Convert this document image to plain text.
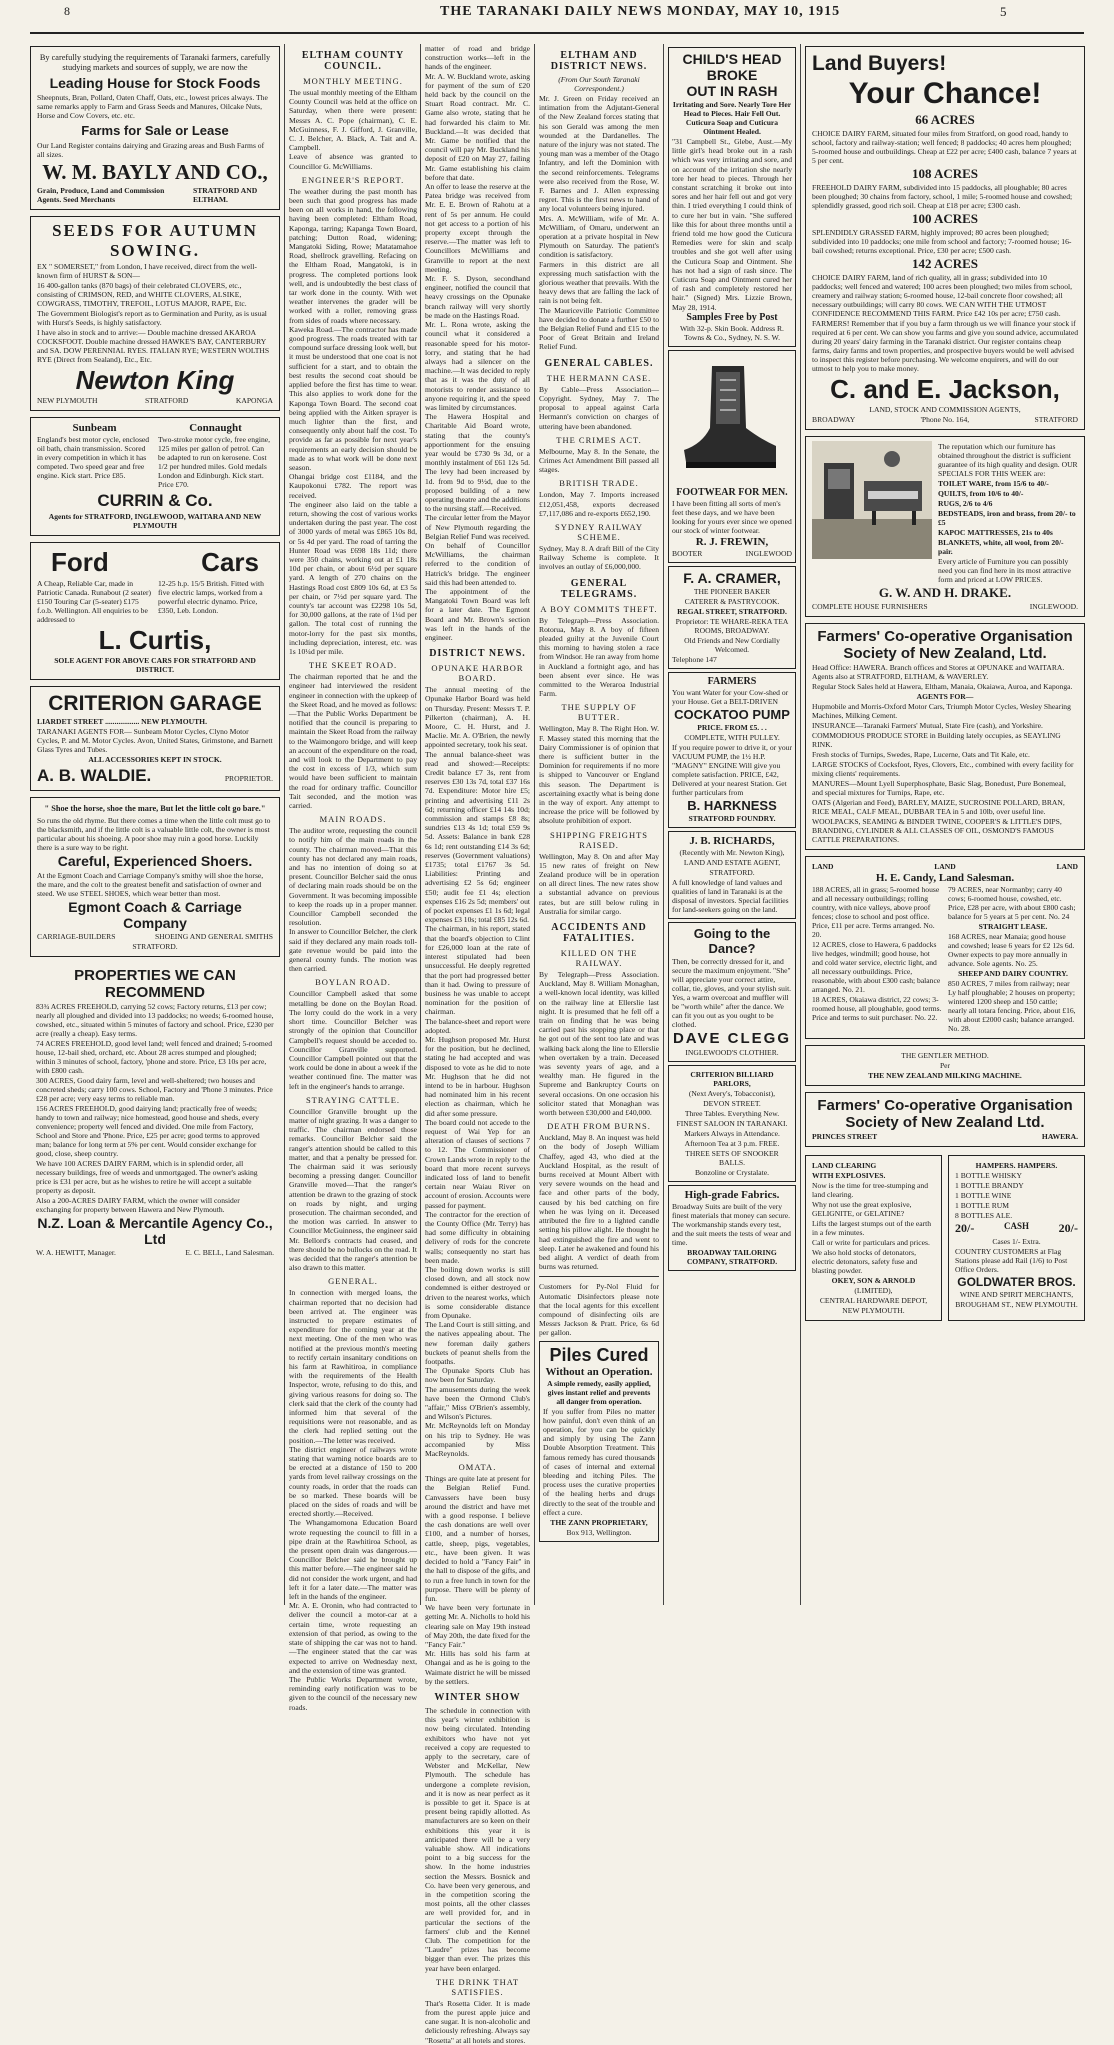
8	THE TARANAKI DAILY NEWS MONDAY, MAY 10, 1915	5

By carefully studying the requirements of Taranaki farmers, carefully studying markets and sources of supply, we are now the

Leading House for Stock Foods

Sheepnuts, Bran, Pollard, Oaten Chaff, Oats, etc., lowest prices always. The same remarks apply to Farm and Grass Seeds and Manures, Oilcake Nuts, Horse and Cow Covers, etc. etc.

Farms for Sale or Lease

Our Land Register contains dairying and Grazing areas and Bush Farms of all sizes.

W. M. BAYLY AND CO.,

Grain, Produce, Land and Commission Agents. Seed Merchants

STRATFORD AND ELTHAM.

SEEDS FOR AUTUMN SOWING.

EX " SOMERSET," from London, I have received, direct from the well-known firm of HURST & SON—

16 400-gallon tanks (870 bags) of their celebrated CLOVERS, etc., consisting of CRIMSON, RED, and WHITE CLOVERS, ALSIKE, COWGRASS, TIMOTHY, TREFOIL, LOTUS MAJOR, RAPE, Etc.

The Government Biologist's report as to Germination and Purity, as is usual with Hurst's Seeds, is highly satisfactory.

I have also in stock and to arrive:— Double machine dressed AKAROA COCKSFOOT. Double machine dressed HAWKE'S BAY, CANTERBURY and SA. DOW PERENNIAL RYES. ITALIAN RYE; WESTERN WOLTHS RYE (Direct from Sealand), Etc., Etc.

Newton King
NEW PLYMOUTH	STRATFORD	KAPONGA
Sunbeam

England's best motor cycle, enclosed oil bath, chain transmission. Scored in every competition in which it has competed. Two speed gear and free engine. Kick start. Price £85.

Connaught

Two-stroke motor cycle, free engine, 125 miles per gallon of petrol. Can be adapted to run on kerosene. Cost 1/2 per hundred miles. Gold medals London and Edinburgh. Kick start. Price £70.

CURRIN & Co.

Agents for STRATFORD, INGLEWOOD, WAITARA AND NEW PLYMOUTH

Ford	Cars

A Cheap, Reliable Car, made in Patriotic Canada. Runabout (2 seater) £150 Touring Car (5-seater) £175 f.o.b. Wellington. All enquiries to be addressed to

12-25 h.p. 15/5 British. Fitted with five electric lamps, worked from a powerful electric dynamo. Price, £350, Leb. London.

L. Curtis,

SOLE AGENT FOR ABOVE CARS FOR STRATFORD AND DISTRICT.

CRITERION GARAGE

LIARDET STREET .................. NEW PLYMOUTH.

TARANAKI AGENTS FOR— Sunbeam Motor Cycles, Clyno Motor Cycles, P. and M. Motor Cycles. Avon, United States, Grimstone, and Barnett Glass Tyres and Tubes.

ALL ACCESSORIES KEPT IN STOCK.

A. B. WALDIE.	PROPRIETOR.

" Shoe the horse, shoe the mare, But let the little colt go bare."

So runs the old rhyme. But there comes a time when the little colt must go to the blacksmith, and if the little colt is a valuable little colt, the owner is most particular about his shoeing. A poor shoe may ruin a good horse. Luckily there is a sure way to be right.

Careful, Experienced Shoers.

At the Egmont Coach and Carriage Company's smithy will shoe the horse, the mare, and the colt to the greatest benefit and satisfaction of owner and steed. We use STEEL SHOES, which wear better than most.

Egmont Coach & Carriage Company
CARRIAGE-BUILDERS	SHOEING AND GENERAL SMITHS

STRATFORD.

PROPERTIES WE CAN RECOMMEND

83¾ ACRES FREEHOLD, carrying 52 cows; Factory returns, £13 per cow; nearly all ploughed and divided into 13 paddocks; no weeds; 6-roomed house, cowshed, etc., situated within 5 minutes of factory and school. Price, £230 per acre (really a cheap). Easy terms.

74 ACRES FREEHOLD, good level land; well fenced and drained; 5-roomed house, 12-bail shed, orchard, etc. About 28 acres stumped and ploughed; within 3 minutes of school, factory, 'phone and store. Price, £3 10s per acre, with £800 cash.

300 ACRES, Good dairy farm, level and well-sheltered; two houses and concreted sheds; carry 100 cows. School, Factory and 'Phone 3 minutes. Price £28 per acre; very easy terms to reliable man.

156 ACRES FREEHOLD, good dairying land; practically free of weeds; handy to town and railway; nice homestead, good house and sheds, every convenience; property well fenced and divided. One mile from Factory, School and Store and 'Phone. Price, £25 per acre; good terms to approved man; balance for long term at 5% per cent. Would consider exchange for good, close, sheep country.

We have 100 ACRES DAIRY FARM, which is in splendid order, all necessary buildings, free of weeds and unmortgaged. The owner's asking price is £31 per acre, but as he wishes to retire he will accept a suitable property as deposit.

Also a 200-ACRES DAIRY FARM, which the owner will consider exchanging for property between Hawera and New Plymouth.

N.Z. Loan & Mercantile Agency Co., Ltd
W. A. HEWITT, Manager.	E. C. BELL, Land Salesman.
ELTHAM COUNTY COUNCIL.
MONTHLY MEETING.

The usual monthly meeting of the Eltham County Council was held at the office on Saturday, when there were present: Messrs A. C. Pope (chairman), C. E. McGuinness, F. J. Gifford, J. Granville, C. J. Belcher, A. Black, A. Tait and A. Campbell.

Leave of absence was granted to Councillor G. McWilliams.

ENGINEER'S REPORT.

The weather during the past month has been such that good progress has made been on all works in hand, the following having been completed: Eltham Road, Kaponga, tarring; Kapanga Town Board, patching; Dutton Road, widening; Mangatoki Siding, Rowe; Matatamahoe Road, shellrock gravelling. Refacing on the Eltham Road, Mangatoki, is in progress. The completed portions look well, and is undoubtedly the best class of tar work done in the county. With wet weather intervenes the grader will be worked with a roller, removing grass from sides of roads where necessary.

Kaweka Road.—The contractor has made good progress. The roads treated with tar compound surface dressing look well, but it must be understood that one coat is not sufficient for a start, and to obtain the best results the second coat should be applied before the first has time to wear. This also applies to work done for the Kaponga Town Board. The second coat being applied with the Aitken sprayer is much lighter than the first, and consequently only about half the cost. To provide as far as possible for next year's requirements an early decision should be made as to what work will be done next season.

Ohangai bridge cost £1184, and the Kaupokonui £782. The report was received.

The engineer also laid on the table a return, showing the cost of various works undertaken during the past year. The cost of 3000 yards of metal was £865 10s 8d, or 5s 4d per yard. The road of tarring the Hunter Road was £698 18s 11d; there were 350 chains, working out at £1 18s 10d per chain, or about 6½d per square yard. A length of 270 chains on the Hastings Road cost £809 10s 6d, at £3 5s per chain, or 7½d per square yard. The county's tar account was £2298 10s 5d, for 30,000 gallons, at the rate of 1¼d per gallon. The total cost of running the motor-lorry for the past six months, including depreciation, interest, etc. was 1s 10¼d per mile.

THE SKEET ROAD.

The chairman reported that he and the engineer had interviewed the resident engineer in connection with the upkeep of the Skeet Road, and he moved as follows:—That the Public Works Department be notified that the council is preparing to maintain the Skeet Road from the railway to the Waimongoro bridge, and will keep an account of the expenditure on the road, and will look to the Department to pay the cost in excess of 1/3, which sum would have been sufficient to maintain the road for ordinary traffic. Councillor Tait seconded, and the motion was carried.

MAIN ROADS.

The auditor wrote, requesting the council to notify him of the main roads in the county. The chairman moved—That this county has not declared any main roads, and has no intention of doing so at present. Councillor Belcher said the onus of declaring main roads should be on the Government. It was becoming impossible to keep the roads up in a proper manner. Councillor Campbell seconded the resolution.

In answer to Councillor Belcher, the clerk said if they declared any main roads toll-gate revenue would be paid into the general county funds. The motion was then carried.

BOYLAN ROAD.

Councillor Campbell asked that some metalling be done on the Boylan Road. The lorry could do the work in a very short time. Councillor Belcher was strongly of the opinion that Councillor Campbell's request should be acceded to. Councillor Granville supported. Councillor Campbell pointed out that the work could be done in about a week if the weather continued fine. The matter was left in the engineer's hands to arrange.

STRAYING CATTLE.

Councillor Granville brought up the matter of night grazing. It was a danger to traffic. The chairman endorsed those remarks. Councillor Belcher said the ranger's attention should be called to this matter, and that a penalty be pressed for. The chairman said it was seriously becoming a pressing danger. Councillor Granville moved—That the ranger's attention be drawn to the grazing of stock on roads by night, and urging prosecution. The chairman seconded, and the motion was carried. In answer to Councillor McGuinness, the engineer said Mr. Bellord's contracts had ceased, and there should be no bullocks on the road. It was decided that the ranger's attention be also drawn to this matter.

GENERAL.

In connection with merged loans, the chairman reported that no decision had been arrived at. The engineer was instructed to prepare estimates of expenditure for the coming year at the next meeting. One of the men who was notified at the previous month's meeting to rectify certain insanitary conditions on his farm at Rawhitiroa, in compliance with the requirements of the Health Inspector, wrote, refusing to do this, and giving various reasons for doing so. The clerk said that the clerk of the county had informed him that several of the requisitions were not reasonable, and as the clerk had replied setting out the position.—The letter was received.

The district engineer of railways wrote stating that warning notice boards are to be erected at a distance of 150 to 200 yards from level railway crossings on the county roads, in order that the roads can be so marked. These boards will be placed on the sides of roads and will be erected shortly.—Received.

The Whangamomona Education Board wrote requesting the council to fill in a pipe drain at the Rawhitiroa School, as the present open drain was dangerous.—Councillor Belcher said he brought up this matter before.—The engineer said he did not consider the work urgent, and had left it for a later date.—The matter was left in the hands of the engineer.

Mr. A. E. Oronin, who had contracted to deliver the council a motor-car at a certain time, wrote requesting an extension of that period, as owing to the state of shipping the car was not to hand.—The engineer stated that the car was expected to arrive on Wednesday next, and the extension of time was granted.

The Public Works Department wrote, reminding early notification was to be given to the council of the necessary new roads.

matter of road and bridge construction works—left in the hands of the engineer.

Mr. A. W. Buckland wrote, asking for payment of the sum of £20 held back by the council on the Stuart Road contract. Mr. C. Game also wrote, stating that he had forwarded his claim to Mr. Buckland.—It was decided that Mr. Game be notified that the council will pay Mr. Buckland his deposit of £20 on May 27, failing Mr. Game establishing his claim before that date.

An offer to lease the reserve at the Patea bridge was received from Mr. E. E. Brown of Rahotu at a rent of 5s per annum. He could not get access to a portion of his property except through the reserve.—The matter was left to Councillors McWilliams and Granville to report at the next meeting.

Mr. F. S. Dyson, secondhand engineer, notified the council that heavy crossings on the Opunake branch railway will very shortly be made on the Hastings Road.

Mr. L. Rona wrote, asking the council what it considered a reasonable speed for his motor-lorry, and stating that he had always had a silencer on the machine.—It was decided to reply that as it was the duty of all motorists to render assistance to anyone requiring it, and the speed was limited by circumstances.

The Hawera Hospital and Charitable Aid Board wrote, stating that the county's apportionment for the ensuing year would be £730 9s 3d, or a monthly instalment of £61 12s 5d. The levy had been increased by 1d. from 9d to 9½d, due to the proposed building of a new operating theatre and the additions to the nursing staff.—Received.

The circular letter from the Mayor of New Plymouth regarding the Belgian Relief Fund was received.

On behalf of Councillor McWilliams, the chairman referred to the condition of Hatrick's bridge. The engineer said this had been attended to.

The appointment of the Mangatoki Town Board was left for a later date. The Egmont Board and Mr. Brown's section was left in the hands of the engineer.

DISTRICT NEWS.
OPUNAKE HARBOR BOARD.

The annual meeting of the Opunake Harbor Board was held on Thursday. Present: Messrs T. P. Pilkerton (chairman), A. H. Moore, C. H. Hurst, and J. Maclie. Mr. A. O'Brien, the newly appointed secretary, took his seat.

The annual balance-sheet was read and showed:—Receipts: Credit balance £7 3s, rent from reserves £30 13s 7d, total £37 16s 7d. Expenditure: Motor hire £5; printing and advertising £11 2s 6d; returning officer £14 14s 10d; commission and stamps £8 8s; sundries £13 4s 1d; total £59 9s 5d. Assets: Balance in bank £28 6s 1d; rent outstanding £14 3s 6d; reserves (Government valuations) £1735; total £1767 3s 5d. Liabilities: Printing and advertising £2 5s 6d; engineer £50; audit fee £1 4s; election expenses £16 2s 5d; members' out of pocket expenses £1 1s 6d; legal expenses £3 10s; total £85 12s 6d.

The chairman, in his report, stated that the board's objection to Clint for £26,000 loan at the rate of interest stipulated had been unsuccessful. He deeply regretted that the port had progressed better than it had. Owing to pressure of business he was unable to accept nomination for the position of chairman.

The balance-sheet and report were adopted.

Mr. Hughson proposed Mr. Hurst for the position, but he declined, stating he had accepted and was disposed to vote as he did to note Mr. Hughson that he did not intend to be in harbour. Hughson had nominated him in his recent election as chairman, which he did after some pressure.

The board could not accede to the request of Wai Yep for an alteration of clauses of sections 7 to 12. The Commissioner of Crown Lands wrote in reply to the board that more recent surveys indicated loss of land to benefit certain near Waiau River on account of erosion. Accounts were passed for payment.

The contractor for the erection of the County Office (Mr. Terry) has had some difficulty in obtaining delivery of rods for the concrete walls; consequently no start has been made.

The boiling down works is still closed down, and all stock now condemned is either destroyed or driven to the nearest works, which is some considerable distance from Opunake.

The Land Court is still sitting, and the natives appealing about. The new foreman daily gathers buckets of peanut shells from the footpaths.

The Opunake Sports Club has now been for Saturday.

The amusements during the week have been the Ormond Club's "affair," Miss O'Brien's assembly, and Wilson's Pictures.

Mr. McReynolds left on Monday on his trip to Sydney. He was accompanied by Miss MacReynolds.

OMATA.

Things are quite late at present for the Belgian Relief Fund. Canvassers have been busy around the district and have met with a good response. I believe the cash donations are well over £100, and a number of horses, cattle, sheep, pigs, vegetables, etc., have been given. It was decided to hold a "Fancy Fair" in the hall to dispose of the gifts, and to run a free lunch in town for the purpose. There will be plenty of fun.

We have been very fortunate in getting Mr. A. Nicholls to hold his clearing sale on May 19th instead of May 20th, the date fixed for the "Fancy Fair."

Mr. Hills has sold his farm at Ohangai and as he is going to the Waimate district he will be missed by the settlers.

WINTER SHOW

The schedule in connection with this year's winter exhibition is now being circulated. Intending exhibitors who have not yet received a copy are requested to apply to the secretary, care of Webster and McKellar, New Plymouth. The schedule has undergone a complete revision, and it is now as near perfect as it is possible to get it. Space is at present being rapidly allotted. As manufacturers are so keen on their exhibitions this year it is anticipated there will be a very valuable show. All indications point to a big success for the show. In the home industries section the Messrs. Bosnick and Co. have been very generous, and in the competition scoring the most points, all the other classes are well provided for, and in particular the sections of the farmers' club and the Kennel Club. The competition for the "Laudre" prizes has become bigger than ever. The prizes this year have been enlarged.

THE DRINK THAT SATISFIES.

That's Rosetta Cider. It is made from the purest apple juice and cane sugar. It is non-alcoholic and deliciously refreshing. Always say "Rosetta" at all hotels and stores.

ELTHAM AND DISTRICT NEWS.

(From Our South Taranaki Correspondent.)

Mr. J. Green on Friday received an intimation from the Adjutant-General of the New Zealand forces stating that his son Gerald was among the men wounded at the Dardanelles. The nature of the injury was not stated. The young man was a member of the Otago Infantry, and left the Dominion with the second reinforcements. Telegrams were also received from the Rose, W. F. Barnes and J. Allen expressing regret. This is the first news to hand of any local volunteers being injured.

Mrs. A. McWilliam, wife of Mr. A. McWilliam, of Omaru, underwent an operation at a private hospital in New Plymouth on Saturday. The patient's condition is satisfactory.

Farmers in this district are all expressing much satisfaction with the glorious weather that prevails. With the heavy dews that are falling the lack of rain is not being felt.

The Mauriceville Patriotic Committee have decided to donate a further £50 to the Belgian Relief Fund and £15 to the Poor of Great Britain and Ireland Relief Fund.

GENERAL CABLES.
THE HERMANN CASE.

By Cable—Press Association—Copyright. Sydney, May 7. The proposal to appeal against Carla Hermann's conviction on charges of uttering have been abandoned.

THE CRIMES ACT.

Melbourne, May 8. In the Senate, the Crimes Act Amendment Bill passed all stages.

BRITISH TRADE.

London, May 7. Imports increased £12,051,458, exports decreased £7,117,086 and re-exports £652,190.

SYDNEY RAILWAY SCHEME.

Sydney, May 8. A draft Bill of the City Railway Scheme is complete. It involves an outlay of £6,000,000.

GENERAL TELEGRAMS.
A BOY COMMITS THEFT.

By Telegraph—Press Association. Rotorua, May 8. A boy of fifteen pleaded guilty at the Juvenile Court this morning to having stolen a race from Windsor. He ran away from home in Auckland a fortnight ago, and has been absent ever since. He was committed to the Weraroa Industrial Farm.

THE SUPPLY OF BUTTER.

Wellington, May 8. The Right Hon. W. F. Massey stated this morning that the Dairy Commissioner is of opinion that there is sufficient butter in the Dominion for requirements if no more is shipped to Vancouver or England this season. The Department is ascertaining exactly what is being done in the way of export. Any attempt to increase the price will be followed by absolute prohibition of export.

SHIPPING FREIGHTS RAISED.

Wellington, May 8. On and after May 15 new rates of freight on New Zealand produce will be in operation on all direct lines. The new rates show a substantial advance on previous rates, but are still below ruling in Australia for similar cargo.

ACCIDENTS AND FATALITIES.
KILLED ON THE RAILWAY.

By Telegraph—Press Association. Auckland, May 8. William Monaghan, a well-known local identity, was killed on the railway line at Ellerslie last night. It is presumed that he fell off a train on finding that he was being carried past his stopping place or that he got out of the sent too late and was walking back along the line to Ellerslie when overtaken by a train. Deceased was seventy years of age, and a wealthy man. He figured in the Supreme and Bankruptcy Courts on several occasions. On one occasion his solicitor stated that Monaghan was worth between £30,000 and £40,000.

DEATH FROM BURNS.

Auckland, May 8. An inquest was held on the body of Joseph William Chaffey, aged 43, who died at the Auckland Hospital, as the result of burns received at Mount Albert with very severe wounds on the head and face and other parts of the body, caused by his bed catching on fire when he was lying on it. Deceased attributed the fire to a lighted candle setting his pillow alight. He thought he had extinguished the fire and went to sleep. Later he awakened and found his bed alight. A verdict of death from burns was returned.

Customers for Py-Nol Fluid for Automatic Disinfectors please note that the local agents for this excellent compound of disinfecting oils are Messrs Jackson & Pratt. Price, 6s 6d per gallon.

Piles Cured
Without an Operation.

A simple remedy, easily applied, gives instant relief and prevents all danger from operation.

If you suffer from Piles no matter how painful, don't even think of an operation, for you can be quickly and simply by using The Zann Double Absorption Treatment. This famous remedy has cured thousands of cases of internal and external bleeding and itching Piles. The process uses the curative properties of the healing herbs and drugs directly to the seat of the trouble and effect a cure.

THE ZANN PROPRIETARY,

Box 913, Wellington.

CHILD'S HEAD BROKE
OUT IN RASH

Irritating and Sore. Nearly Tore Her Head to Pieces. Hair Fell Out. Cuticura Soap and Cuticura Ointment Healed.

"31 Campbell St., Glebe, Aust.—My little girl's head broke out in a rash which was very irritating and sore, and on account of the irritation she nearly tore her head to pieces. Through her constant scratching it broke out into sores and her hair fell out and got very thin. I tried everything I could think of to cure her but in vain. "She suffered like this for about three months until a friend told me how good the Cuticura Remedies were for skin and scalp troubles and she got well after using the Cuticura Soap and Ointment. She has not had a sign of rash since. The Cuticura Soap and Ointment cured her of rash and completely restored her hair." (Signed) Mrs. Lizzie Brown, May 28, 1914.

Samples Free by Post

With 32-p. Skin Book. Address R. Towns & Co., Sydney, N. S. W.

FOOTWEAR FOR MEN.

I have been fitting all sorts of men's feet these days, and we have been looking for yours ever since we opened our stock of winter footwear.

R. J. FREWIN,
BOOTER	INGLEWOOD
F. A. CRAMER,

THE PIONEER BAKER

CATERER & PASTRYCOOK.

REGAL STREET, STRATFORD.

Proprietor: TE WHARE-REKA TEA ROOMS, BROADWAY.

Old Friends and New Cordially Welcomed.

Telephone 147

FARMERS

You want Water for your Cow-shed or your House. Get a BELT-DRIVEN

COCKATOO PUMP

PRICE. FROM £5. . .

COMPLETE, WITH PULLEY.

If you require power to drive it, or your VACUUM PUMP, the 1½ H.P. "MAGNY" ENGINE Will give you complete satisfaction. PRICE, £42, Delivered at your nearest Station. Get further particulars from

B. HARKNESS

STRATFORD FOUNDRY.

J. B. RICHARDS,

(Recently with Mr. Newton King),

LAND AND ESTATE AGENT,

STRATFORD.

A full knowledge of land values and qualities of land in Taranaki is at the disposal of investors. Special facilities for land-seekers going on the land.

Going to the Dance?

Then, be correctly dressed for it, and secure the maximum enjoyment. "She" will appreciate your correct attire, collar, tie, gloves, and your stylish suit. Yes, a warm overcoat and muffler will be "worth while" after the dance. We can fit you out as you ought to be clothed.

DAVE CLEGG

INGLEWOOD'S CLOTHIER.

CRITERION BILLIARD PARLORS,

(Next Avery's, Tobacconist),

DEVON STREET.

Three Tables. Everything New.

FINEST SALOON IN TARANAKI.

Markers Always in Attendance.

Afternoon Tea at 3 p.m. FREE.

THREE SETS OF SNOOKER BALLS.

Bonzoline or Crystalate.

High-grade Fabrics.

Broadway Suits are built of the very finest materials that money can secure. The workmanship stands every test, and the suit meets the tests of wear and time.

BROADWAY TAILORING COMPANY, STRATFORD.

Land Buyers!
Your Chance!
66 ACRES

CHOICE DAIRY FARM, situated four miles from Stratford, on good road, handy to school, factory and railway-station; well fenced; 8 paddocks; 40 acres hem ploughed; 5-roomed house and outbuildings. Cheap at £22 per acre; £400 cash, balance 7 years at 5 per cent.

108 ACRES

FREEHOLD DAIRY FARM, subdivided into 15 paddocks, all ploughable; 80 acres been ploughed; 30 chains from factory, school, 1 mile; 5-roomed house and cowshed; splendidly grassed, good rich soil. Cheap at £18 per acre; £300 cash.

100 ACRES

SPLENDIDLY GRASSED FARM, highly improved; 80 acres been ploughed; subdivided into 10 paddocks; one mile from school and factory; 7-roomed house; 16-bail cowshed; returns exceptional. Price, £30 per acre; £500 cash.

142 ACRES

CHOICE DAIRY FARM, land of rich quality, all in grass; subdivided into 10 paddocks; well fenced and watered; 100 acres been ploughed; two miles from school, creamery and railway station; 6-roomed house, 12-bail concrete floor cowshed; all necessary outbuildings; will carry 80 cows. WE CAN WITH THE UTMOST CONFIDENCE RECOMMEND THIS FARM. Price £42 10s per acre; £750 cash.

FARMERS! Remember that if you buy a farm through us we will finance your stock if required at 6 per cent. We can show you farms and give you sound advice, accumulated during 20 years' dairy farming in the Taranaki district. Our register contains cheap farms, dairy farms and town properties, and prospective buyers would be well advised to inspect this register before purchasing. We welcome enquirers, and will do our utmost to help you to make money.

C. and E. Jackson,

LAND, STOCK AND COMMISSION AGENTS,

BROADWAY	'Phone No. 164,	STRATFORD

The reputation which our furniture has obtained throughout the district is sufficient guarantee of its high quality and design. OUR SPECIALS FOR THIS WEEK are:

TOILET WARE, from 15/6 to 40/-

QUILTS, from 10/6 to 40/-

RUGS, 2/6 to 4/6

BEDSTEADS, iron and brass, from 20/- to £5

KAPOC MATTRESSES, 21s to 40s

BLANKETS, white, all wool, from 20/- pair.

Every article of Furniture you can possibly need you can find here in its most attractive form and priced at LOW PRICES.

G. W. AND H. DRAKE.
COMPLETE HOUSE FURNISHERS	INGLEWOOD.
Farmers' Co-operative Organisation
Society of New Zealand, Ltd.

Head Office: HAWERA. Branch offices and Stores at OPUNAKE and WAITARA. Agents also at STRATFORD, ELTHAM, & WAVERLEY.

Regular Stock Sales held at Hawera, Eltham, Manaia, Okaiawa, Auroa, and Kaponga.

AGENTS FOR—

Hupmobile and Morris-Oxford Motor Cars, Triumph Motor Cycles, Wesley Shearing Machines, Milking Cement.

INSURANCE—Taranaki Farmers' Mutual, State Fire (cash), and Yorkshire.

COMMODIOUS PRODUCE STORE in Building lately occupies, as SEAYLING RINK.

Fresh stocks of Turnips, Swedes, Rape, Lucerne, Oats and Tit Kale, etc.

LARGE STOCKS of Cocksfoot, Ryes, Clovers, Etc., combined with every facility for mixing clients' requirements.

MANURES—Mount Lyell Superphosphate, Basic Slag, Bonedust, Pure Bonemeal, and special mixtures for Turnips, Rape, etc.

OATS (Algerian and Feed), BARLEY, MAIZE, SUCROSINE POLLARD, BRAN, RICE MEAL, CALF MEAL, DUBBAR TEA in 5 and 10lb, over useful line.

WOOLPACKS, SEAMING & BINDER TWINE, COOPER'S & LITTLE'S DIPS, BRANDING, CYLINDER & ALL CLASSES OF OIL, OSMOND'S FAMOUS CATTLE PREPARATIONS.

LAND	LAND	LAND
H. E. Candy, Land Salesman.

188 ACRES, all in grass; 5-roomed house and all necessary outbuildings; rolling country, with nice valleys, above proof fences; close to school and post office. Price, £11 per acre. Terms arranged. No. 20.

12 ACRES, close to Hawera, 6 paddocks live hedges, windmill; good house, hot and cold water service, electric light, and all necessary outbuildings. Price, reasonable, with about £300 cash; balance arranged. No. 21.

18 ACRES, Okaiawa district, 22 cows; 3-roomed house, all ploughable, good terms. Price and terms to suit purchaser. No. 22.

79 ACRES, near Normanby; carry 40 cows; 6-roomed house, cowshed, etc. Price, £28 per acre, with about £800 cash; balance for 5 years at 5 per cent. No. 24

STRAIGHT LEASE.

168 ACRES, near Manaia; good house and cowshed; lease 6 years for £2 12s 6d. Owner expects to pay more annually in advance. Sole agents. No. 25.

SHEEP AND DAIRY COUNTRY.

850 ACRES, 7 miles from railway; near Ly half ploughable; 2 houses on property; wintered 1200 sheep and 150 cattle; nearly all totara fencing. Price, about £16, with about £2000 cash; balance arranged. No. 28.

THE GENTLER METHOD.

Per

THE NEW ZEALAND MILKING MACHINE.

Farmers' Co-operative Organisation
Society of New Zealand Ltd.
PRINCES STREET	HAWERA.

LAND CLEARING

WITH EXPLOSIVES.

Now is the time for tree-stumping and land clearing.

Why not use the great explosive, GELIGNITE, or GELATINE?

Lifts the largest stumps out of the earth in a few minutes.

Call or write for particulars and prices.

We also hold stocks of detonators, electric detonators, safety fuse and blasting powder.

OKEY, SON & ARNOLD

(LIMITED),

CENTRAL HARDWARE DEPOT,

NEW PLYMOUTH.

HAMPERS. HAMPERS.

1 BOTTLE WHISKY

1 BOTTLE BRANDY

1 BOTTLE WINE

1 BOTTLE RUM

8 BOTTLES ALE.

20/-	CASH 20/-

Cases 1/- Extra.

COUNTRY CUSTOMERS at Flag Stations please add Rail (1/6) to Post Office Orders.

GOLDWATER BROS.

WINE AND SPIRIT MERCHANTS,

BROUGHAM ST., NEW PLYMOUTH.
